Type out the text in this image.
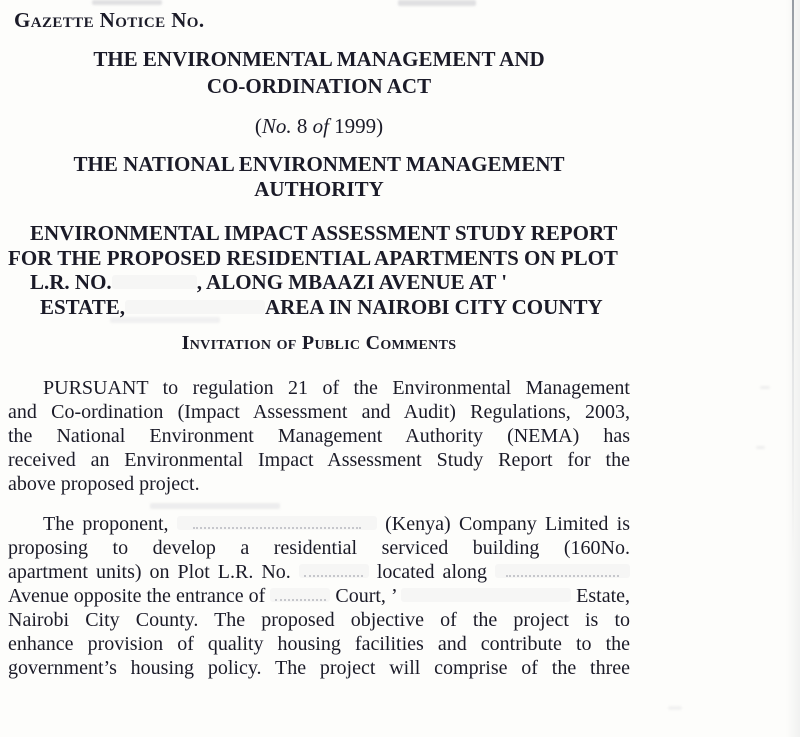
Gazette Notice No.
THE ENVIRONMENTAL MANAGEMENT AND
CO-ORDINATION ACT
(No. 8 of 1999)
THE NATIONAL ENVIRONMENT MANAGEMENT
AUTHORITY
ENVIRONMENTAL IMPACT ASSESSMENT STUDY REPORT
FOR THE PROPOSED RESIDENTIAL APARTMENTS ON PLOT
L.R. NO.	, ALONG MBAAZI AVENUE AT '
ESTATE,	AREA IN NAIROBI CITY COUNTY
Invitation of Public Comments
PURSUANT to regulation 21 of the Environmental Management
and Co-ordination (Impact Assessment and Audit) Regulations, 2003,
the National Environment Management Authority (NEMA) has
received an Environmental Impact Assessment Study Report for the
above proposed project.
The proponent,	(Kenya) Company Limited is
proposing to develop a residential serviced building (160No.
apartment units) on Plot L.R. No.	located along
Avenue opposite the entrance of	Court, ’	Estate,
Nairobi City County. The proposed objective of the project is to
enhance provision of quality housing facilities and contribute to the
government’s housing policy. The project will comprise of the three
